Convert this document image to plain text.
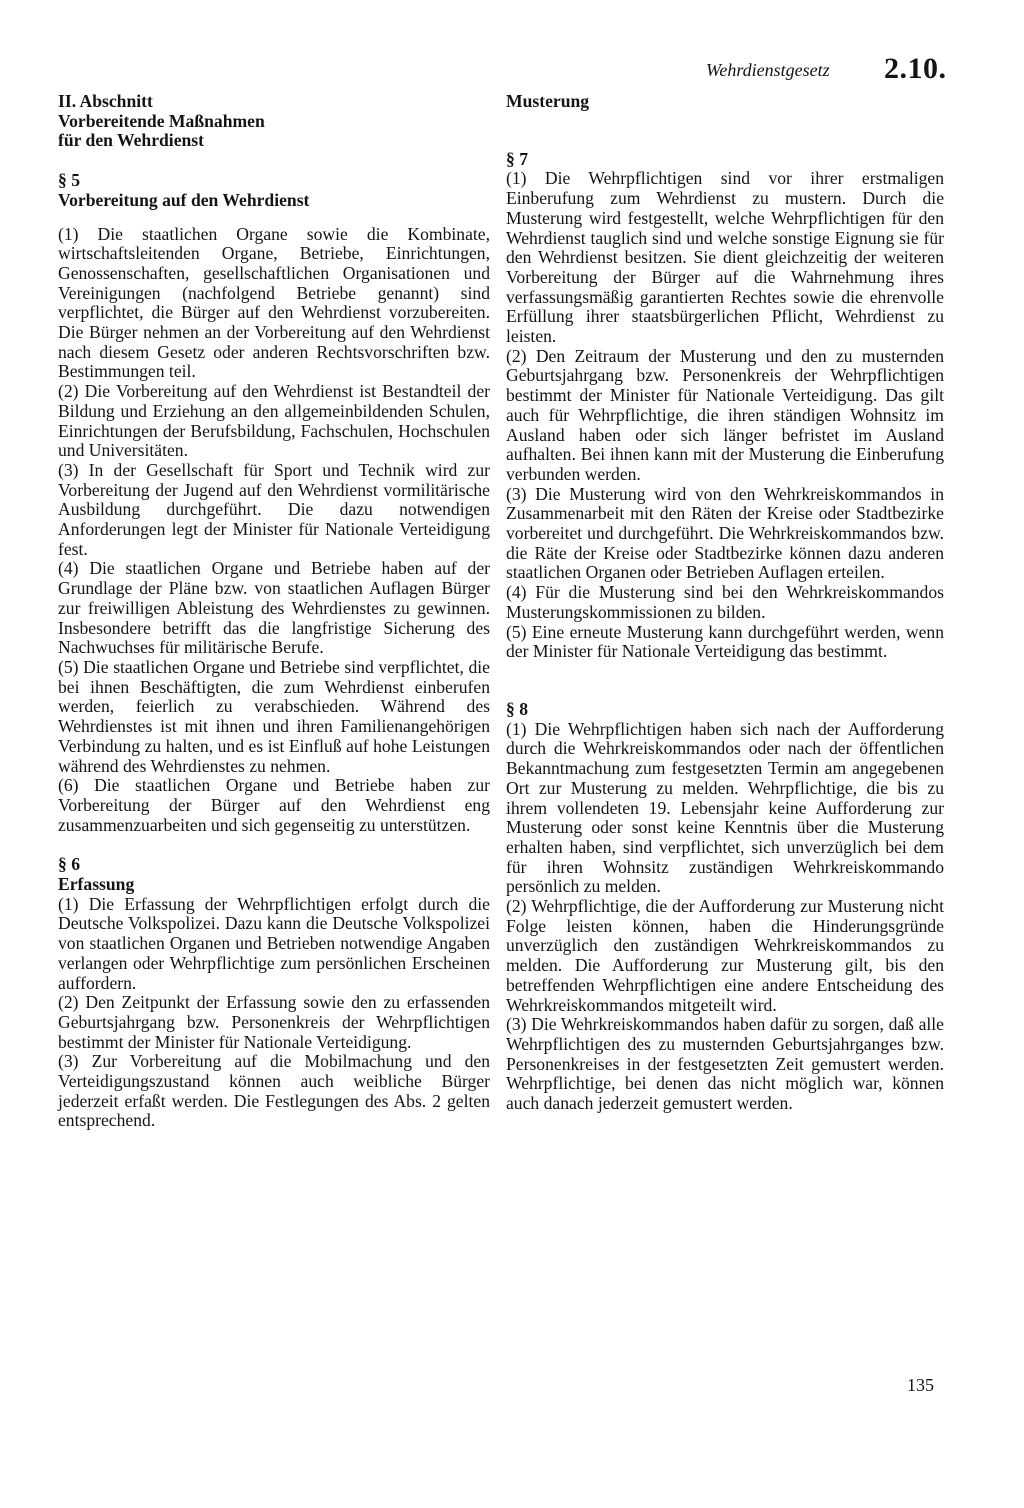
Wehrdienstgesetz 2.10.
II. Abschnitt
Vorbereitende Maßnahmen
für den Wehrdienst
§ 5
Vorbereitung auf den Wehrdienst

(1) Die staatlichen Organe sowie die Kombinate, wirtschaftsleitenden Organe, Betriebe, Einrichtungen, Genossenschaften, gesellschaftlichen Organisationen und Vereinigungen (nachfolgend Betriebe genannt) sind verpflichtet, die Bürger auf den Wehrdienst vorzubereiten. Die Bürger nehmen an der Vorbereitung auf den Wehrdienst nach diesem Gesetz oder anderen Rechtsvorschriften bzw. Bestimmungen teil.

(2) Die Vorbereitung auf den Wehrdienst ist Bestandteil der Bildung und Erziehung an den allgemeinbildenden Schulen, Einrichtungen der Berufsbildung, Fachschulen, Hochschulen und Universitäten.

(3) In der Gesellschaft für Sport und Technik wird zur Vorbereitung der Jugend auf den Wehrdienst vormilitärische Ausbildung durchgeführt. Die dazu notwendigen Anforderungen legt der Minister für Nationale Verteidigung fest.

(4) Die staatlichen Organe und Betriebe haben auf der Grundlage der Pläne bzw. von staatlichen Auflagen Bürger zur freiwilligen Ableistung des Wehrdienstes zu gewinnen. Insbesondere betrifft das die langfristige Sicherung des Nachwuchses für militärische Berufe.

(5) Die staatlichen Organe und Betriebe sind verpflichtet, die bei ihnen Beschäftigten, die zum Wehrdienst einberufen werden, feierlich zu verabschieden. Während des Wehrdienstes ist mit ihnen und ihren Familienangehörigen Verbindung zu halten, und es ist Einfluß auf hohe Leistungen während des Wehrdienstes zu nehmen.

(6) Die staatlichen Organe und Betriebe haben zur Vorbereitung der Bürger auf den Wehrdienst eng zusammenzuarbeiten und sich gegenseitig zu unterstützen.

§ 6
Erfassung

(1) Die Erfassung der Wehrpflichtigen erfolgt durch die Deutsche Volkspolizei. Dazu kann die Deutsche Volkspolizei von staatlichen Organen und Betrieben notwendige Angaben verlangen oder Wehrpflichtige zum persönlichen Erscheinen auffordern.

(2) Den Zeitpunkt der Erfassung sowie den zu erfassenden Geburtsjahrgang bzw. Personenkreis der Wehrpflichtigen bestimmt der Minister für Nationale Verteidigung.

(3) Zur Vorbereitung auf die Mobilmachung und den Verteidigungszustand können auch weibliche Bürger jederzeit erfaßt werden. Die Festlegungen des Abs. 2 gelten entsprechend.

Musterung
§ 7

(1) Die Wehrpflichtigen sind vor ihrer erstmaligen Einberufung zum Wehrdienst zu mustern. Durch die Musterung wird festgestellt, welche Wehrpflichtigen für den Wehrdienst tauglich sind und welche sonstige Eignung sie für den Wehrdienst besitzen. Sie dient gleichzeitig der weiteren Vorbereitung der Bürger auf die Wahrnehmung ihres verfassungsmäßig garantierten Rechtes sowie die ehrenvolle Erfüllung ihrer staatsbürgerlichen Pflicht, Wehrdienst zu leisten.

(2) Den Zeitraum der Musterung und den zu musternden Geburtsjahrgang bzw. Personenkreis der Wehrpflichtigen bestimmt der Minister für Nationale Verteidigung. Das gilt auch für Wehrpflichtige, die ihren ständigen Wohnsitz im Ausland haben oder sich länger befristet im Ausland aufhalten. Bei ihnen kann mit der Musterung die Einberufung verbunden werden.

(3) Die Musterung wird von den Wehrkreiskommandos in Zusammenarbeit mit den Räten der Kreise oder Stadtbezirke vorbereitet und durchgeführt. Die Wehrkreiskommandos bzw. die Räte der Kreise oder Stadtbezirke können dazu anderen staatlichen Organen oder Betrieben Auflagen erteilen.

(4) Für die Musterung sind bei den Wehrkreiskommandos Musterungskommissionen zu bilden.

(5) Eine erneute Musterung kann durchgeführt werden, wenn der Minister für Nationale Verteidigung das bestimmt.

§ 8

(1) Die Wehrpflichtigen haben sich nach der Aufforderung durch die Wehrkreiskommandos oder nach der öffentlichen Bekanntmachung zum festgesetzten Termin am angegebenen Ort zur Musterung zu melden. Wehrpflichtige, die bis zu ihrem vollendeten 19. Lebensjahr keine Aufforderung zur Musterung oder sonst keine Kenntnis über die Musterung erhalten haben, sind verpflichtet, sich unverzüglich bei dem für ihren Wohnsitz zuständigen Wehrkreiskommando persönlich zu melden.

(2) Wehrpflichtige, die der Aufforderung zur Musterung nicht Folge leisten können, haben die Hinderungsgründe unverzüglich den zuständigen Wehrkreiskommandos zu melden. Die Aufforderung zur Musterung gilt, bis den betreffenden Wehrpflichtigen eine andere Entscheidung des Wehrkreiskommandos mitgeteilt wird.

(3) Die Wehrkreiskommandos haben dafür zu sorgen, daß alle Wehrpflichtigen des zu musternden Geburtsjahrganges bzw. Personenkreises in der festgesetzten Zeit gemustert werden. Wehrpflichtige, bei denen das nicht möglich war, können auch danach jederzeit gemustert werden.

135
